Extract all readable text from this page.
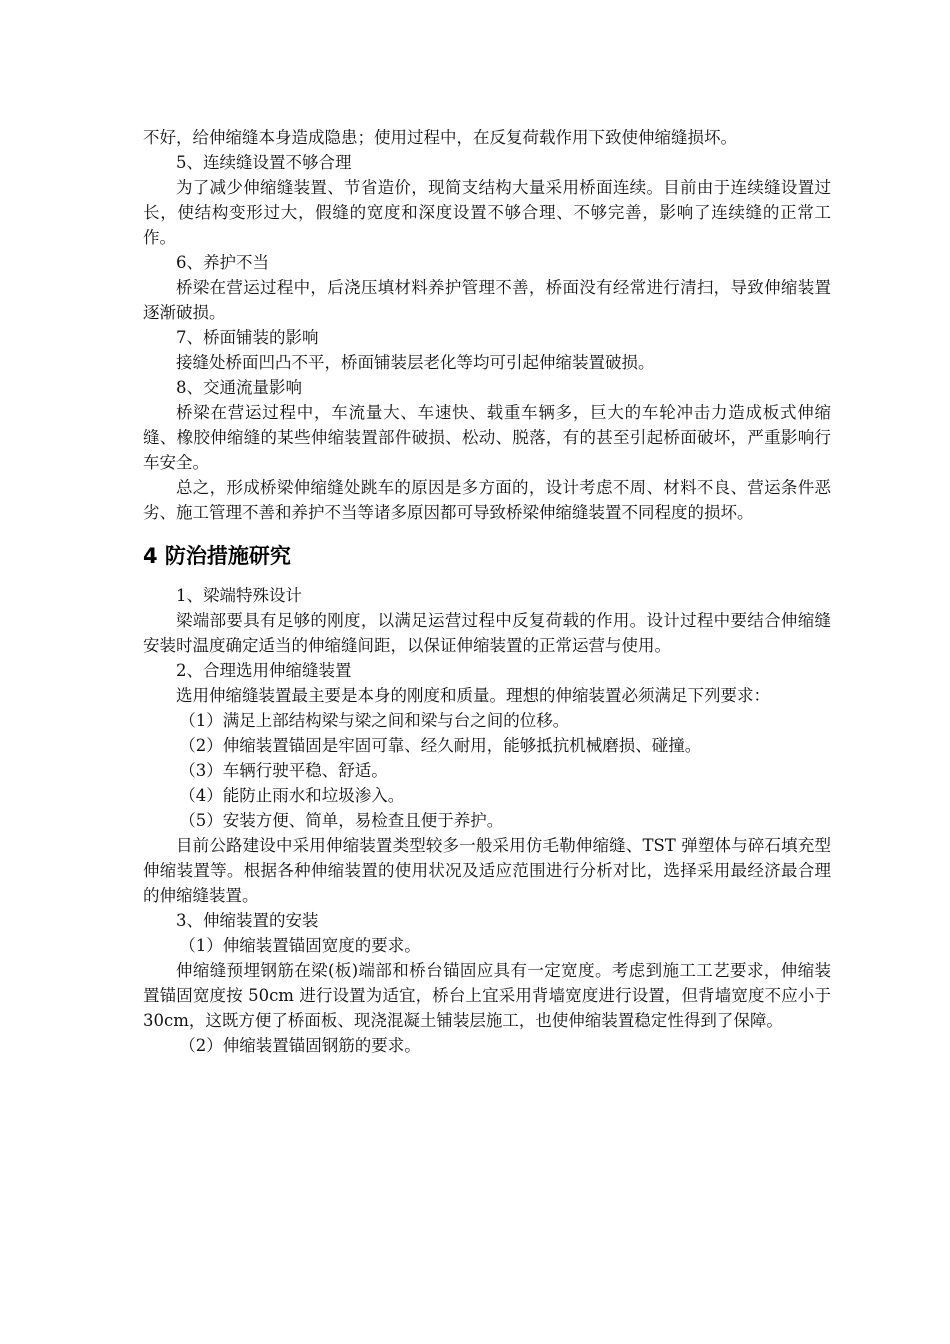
不好，给伸缩缝本身造成隐患；使用过程中，在反复荷载作用下致使伸缩缝损坏。

5、连续缝设置不够合理

为了减少伸缩缝装置、节省造价，现简支结构大量采用桥面连续。目前由于连续缝设置过长，使结构变形过大，假缝的宽度和深度设置不够合理、不够完善，影响了连续缝的正常工作。

6、养护不当

桥梁在营运过程中，后浇压填材料养护管理不善，桥面没有经常进行清扫，导致伸缩装置逐渐破损。

7、桥面铺装的影响

接缝处桥面凹凸不平，桥面铺装层老化等均可引起伸缩装置破损。

8、交通流量影响

桥梁在营运过程中，车流量大、车速快、载重车辆多，巨大的车轮冲击力造成板式伸缩缝、橡胶伸缩缝的某些伸缩装置部件破损、松动、脱落，有的甚至引起桥面破坏，严重影响行车安全。

总之，形成桥梁伸缩缝处跳车的原因是多方面的，设计考虑不周、材料不良、营运条件恶劣、施工管理不善和养护不当等诸多原因都可导致桥梁伸缩缝装置不同程度的损坏。

4 防治措施研究

1、梁端特殊设计

梁端部要具有足够的刚度，以满足运营过程中反复荷载的作用。设计过程中要结合伸缩缝安装时温度确定适当的伸缩缝间距，以保证伸缩装置的正常运营与使用。

2、合理选用伸缩缝装置

选用伸缩缝装置最主要是本身的刚度和质量。理想的伸缩装置必须满足下列要求：

（1）满足上部结构梁与梁之间和梁与台之间的位移。

（2）伸缩装置锚固是牢固可靠、经久耐用，能够抵抗机械磨损、碰撞。

（3）车辆行驶平稳、舒适。

（4）能防止雨水和垃圾渗入。

（5）安装方便、简单，易检查且便于养护。

目前公路建设中采用伸缩装置类型较多一般采用仿毛勒伸缩缝、TST 弹塑体与碎石填充型伸缩装置等。根据各种伸缩装置的使用状况及适应范围进行分析对比，选择采用最经济最合理的伸缩缝装置。

3、伸缩装置的安装

（1）伸缩装置锚固宽度的要求。

伸缩缝预埋钢筋在梁(板)端部和桥台锚固应具有一定宽度。考虑到施工工艺要求，伸缩装置锚固宽度按 50cm 进行设置为适宜，桥台上宜采用背墙宽度进行设置，但背墙宽度不应小于 30cm，这既方便了桥面板、现浇混凝土铺装层施工，也使伸缩装置稳定性得到了保障。

（2）伸缩装置锚固钢筋的要求。
